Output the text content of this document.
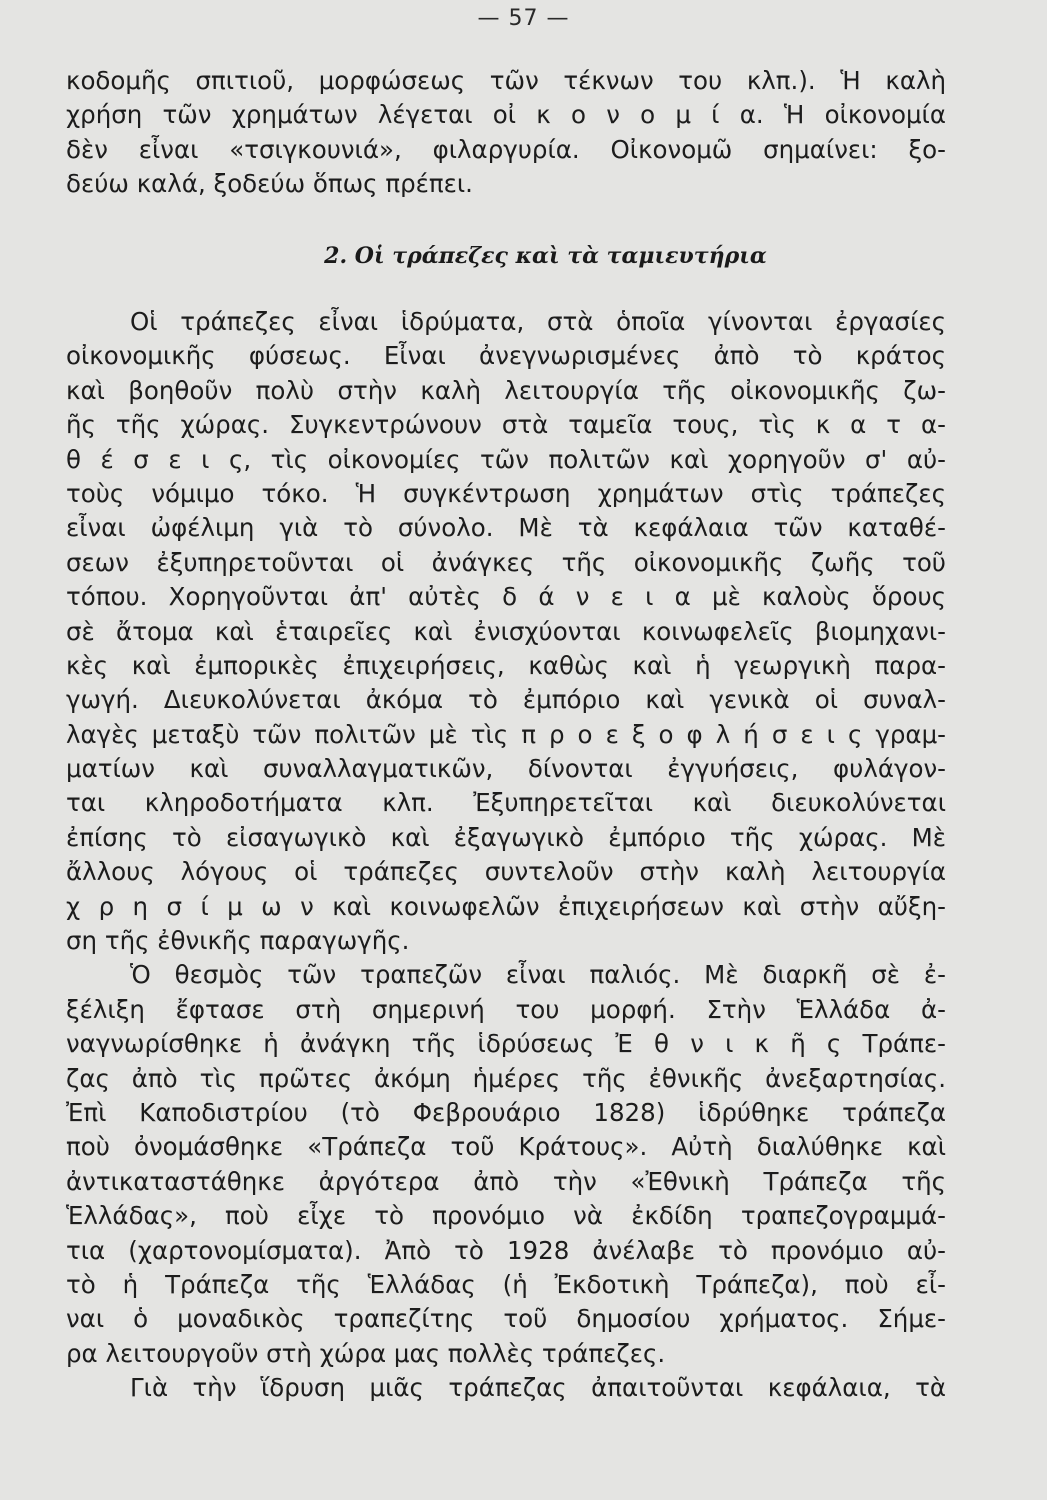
— 57 —
κοδομῆς σπιτιοῦ, μορφώσεως τῶν τέκνων του κλπ.). Ἡ καλὴ
χρήση τῶν χρημάτων λέγεται οἰ κ ο ν ο μ ί α. Ἡ οἰκονομία
δὲν εἶναι «τσιγκουνιά», φιλαργυρία. Οἰκονομῶ σημαίνει: ξο-
δεύω καλά, ξοδεύω ὅπως πρέπει.
2. Οἱ τράπεζες καὶ τὰ ταμιευτήρια
Οἱ τράπεζες εἶναι ἱδρύματα, στὰ ὁποῖα γίνονται ἐργασίες
οἰκονομικῆς φύσεως. Εἶναι ἀνεγνωρισμένες ἀπὸ τὸ κράτος
καὶ βοηθοῦν πολὺ στὴν καλὴ λειτουργία τῆς οἰκονομικῆς ζω-
ῆς τῆς χώρας. Συγκεντρώνουν στὰ ταμεῖα τους, τὶς κ α τ α-
θ έ σ ε ι ς, τὶς οἰκονομίες τῶν πολιτῶν καὶ χορηγοῦν σ' αὐ-
τοὺς νόμιμο τόκο. Ἡ συγκέντρωση χρημάτων στὶς τράπεζες
εἶναι ὠφέλιμη γιὰ τὸ σύνολο. Μὲ τὰ κεφάλαια τῶν καταθέ-
σεων ἐξυπηρετοῦνται οἱ ἀνάγκες τῆς οἰκονομικῆς ζωῆς τοῦ
τόπου. Χορηγοῦνται ἀπ' αὐτὲς δ ά ν ε ι α μὲ καλοὺς ὅρους
σὲ ἄτομα καὶ ἑταιρεῖες καὶ ἐνισχύονται κοινωφελεῖς βιομηχανι-
κὲς καὶ ἐμπορικὲς ἐπιχειρήσεις, καθὼς καὶ ἡ γεωργικὴ παρα-
γωγή. Διευκολύνεται ἀκόμα τὸ ἐμπόριο καὶ γενικὰ οἱ συναλ-
λαγὲς μεταξὺ τῶν πολιτῶν μὲ τὶς π ρ ο ε ξ ο φ λ ή σ ε ι ς γραμ-
ματίων καὶ συναλλαγματικῶν, δίνονται ἐγγυήσεις, φυλάγον-
ται κληροδοτήματα κλπ. Ἐξυπηρετεῖται καὶ διευκολύνεται
ἐπίσης τὸ εἰσαγωγικὸ καὶ ἐξαγωγικὸ ἐμπόριο τῆς χώρας. Μὲ
ἄλλους λόγους οἱ τράπεζες συντελοῦν στὴν καλὴ λειτουργία
χ ρ η σ ί μ ω ν καὶ κοινωφελῶν ἐπιχειρήσεων καὶ στὴν αὔξη-
ση τῆς ἐθνικῆς παραγωγῆς.
Ὁ θεσμὸς τῶν τραπεζῶν εἶναι παλιός. Μὲ διαρκῆ σὲ ἐ-
ξέλιξη ἔφτασε στὴ σημερινή του μορφή. Στὴν Ἑλλάδα ἀ-
ναγνωρίσθηκε ἡ ἀνάγκη τῆς ἱδρύσεως Ἐ θ ν ι κ ῆ ς Τράπε-
ζας ἀπὸ τὶς πρῶτες ἀκόμη ἡμέρες τῆς ἐθνικῆς ἀνεξαρτησίας.
Ἐπὶ Καποδιστρίου (τὸ Φεβρουάριο 1828) ἱδρύθηκε τράπεζα
ποὺ ὀνομάσθηκε «Τράπεζα τοῦ Κράτους». Αὐτὴ διαλύθηκε καὶ
ἀντικαταστάθηκε ἀργότερα ἀπὸ τὴν «Ἐθνικὴ Τράπεζα τῆς
Ἑλλάδας», ποὺ εἶχε τὸ προνόμιο νὰ ἐκδίδη τραπεζογραμμά-
τια (χαρτονομίσματα). Ἀπὸ τὸ 1928 ἀνέλαβε τὸ προνόμιο αὐ-
τὸ ἡ Τράπεζα τῆς Ἑλλάδας (ἡ Ἐκδοτικὴ Τράπεζα), ποὺ εἶ-
ναι ὁ μοναδικὸς τραπεζίτης τοῦ δημοσίου χρήματος. Σήμε-
ρα λειτουργοῦν στὴ χώρα μας πολλὲς τράπεζες.
Γιὰ τὴν ἵδρυση μιᾶς τράπεζας ἀπαιτοῦνται κεφάλαια, τὰ
